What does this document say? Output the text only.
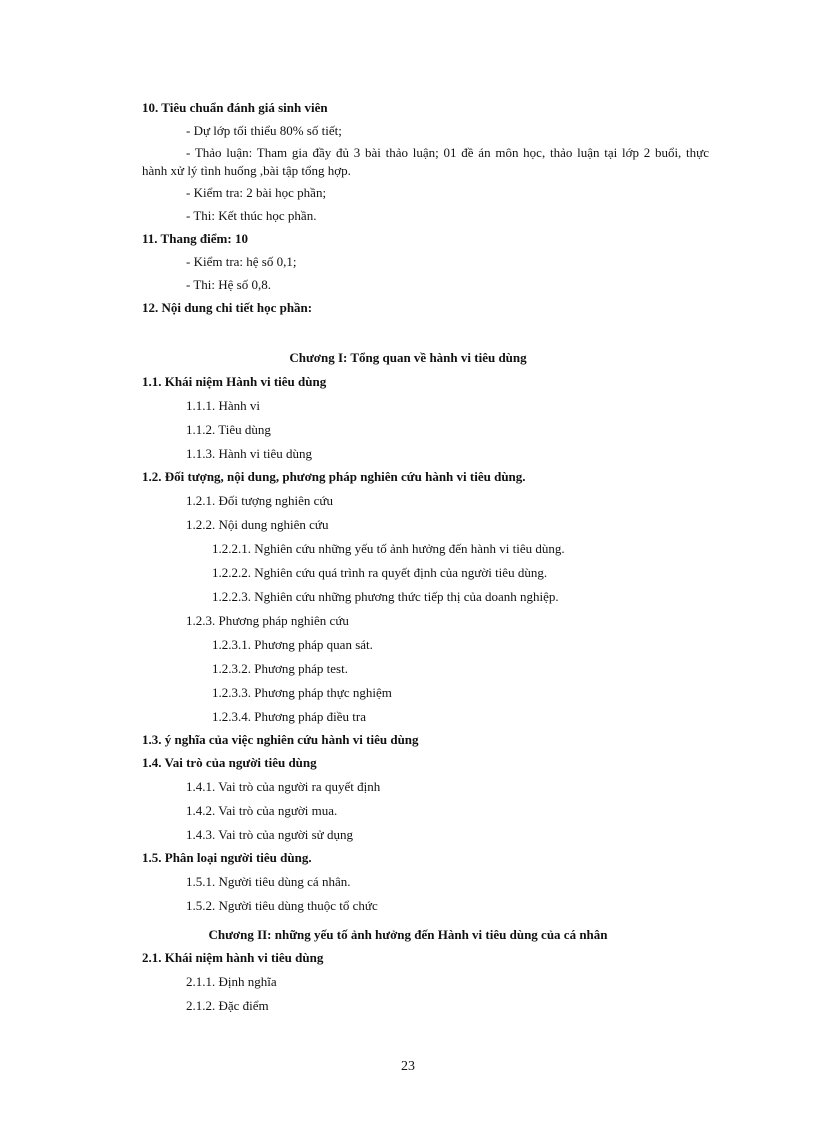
10. Tiêu chuẩn đánh giá sinh viên
- Dự lớp tối thiểu 80% số tiết;
- Thảo luận: Tham gia đầy đủ 3 bài thảo luận; 01 đề án môn học, thảo luận tại lớp 2 buổi, thực
hành xử lý tình huống ,bài tập tổng hợp.
- Kiểm tra: 2 bài học phần;
- Thi: Kết thúc học phần.
11. Thang điểm: 10
- Kiểm tra: hệ số 0,1;
- Thi: Hệ số 0,8.
12. Nội dung chi tiết học phần:
Chương I: Tổng quan về hành vi tiêu dùng
1.1. Khái niệm Hành vi tiêu dùng
1.1.1. Hành vi
1.1.2. Tiêu dùng
1.1.3. Hành vi tiêu dùng
1.2. Đối tượng, nội dung, phương pháp nghiên cứu hành vi tiêu dùng.
1.2.1. Đối tượng nghiên cứu
1.2.2. Nội dung nghiên cứu
1.2.2.1. Nghiên cứu những yếu tố ảnh hưởng đến hành vi tiêu dùng.
1.2.2.2. Nghiên cứu quá trình ra quyết định của người tiêu dùng.
1.2.2.3. Nghiên cứu những phương thức tiếp thị của doanh nghiệp.
1.2.3. Phương pháp nghiên cứu
1.2.3.1. Phương pháp quan sát.
1.2.3.2. Phương pháp test.
1.2.3.3. Phương pháp thực nghiệm
1.2.3.4. Phương pháp điều tra
1.3. ý nghĩa của việc nghiên cứu hành vi tiêu dùng
1.4. Vai trò của người tiêu dùng
1.4.1. Vai trò của người ra quyết định
1.4.2. Vai trò của người mua.
1.4.3. Vai trò của người sử dụng
1.5. Phân loại người tiêu dùng.
1.5.1. Người tiêu dùng cá nhân.
1.5.2. Người tiêu dùng thuộc tổ chức
Chương II: những yếu tố ảnh hưởng đến Hành vi tiêu dùng của cá nhân
2.1. Khái niệm hành vi tiêu dùng
2.1.1. Định nghĩa
2.1.2. Đặc điểm
23
